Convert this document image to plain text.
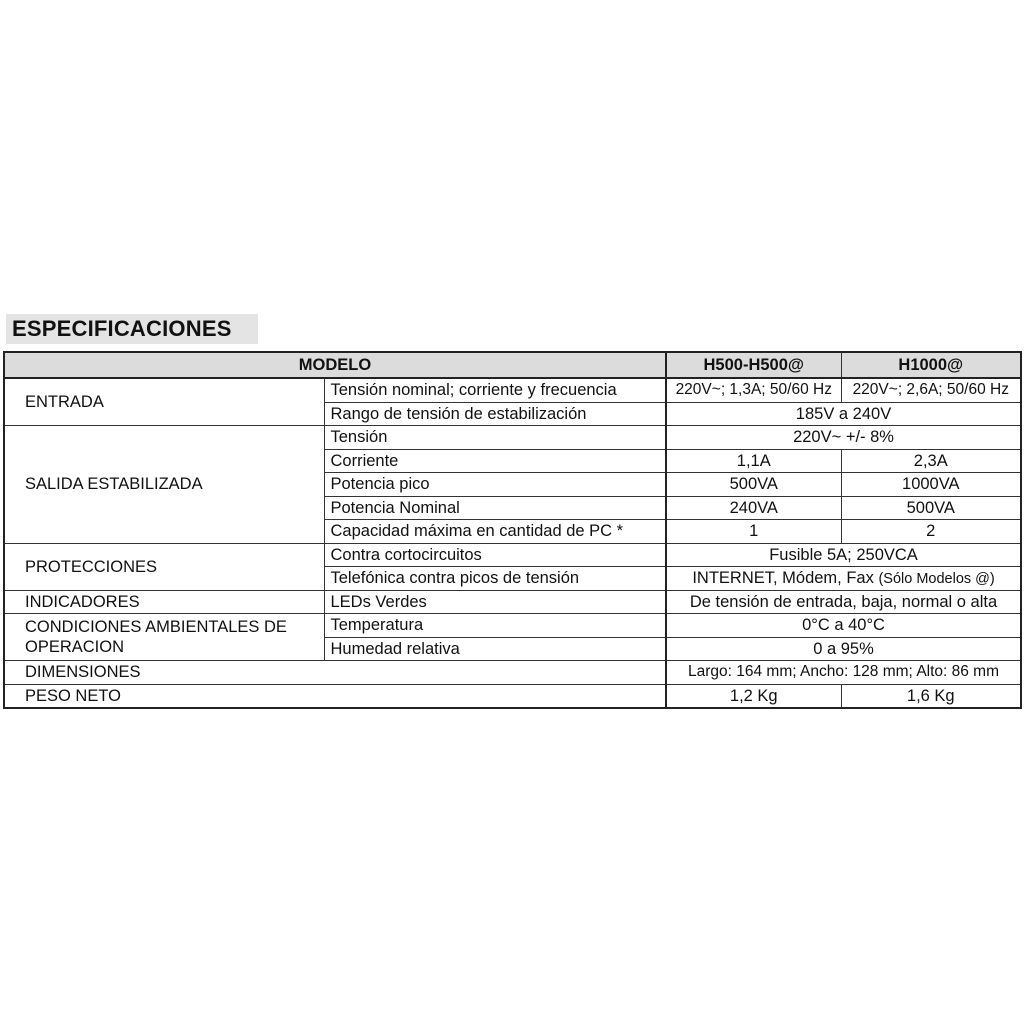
ESPECIFICACIONES
MODELO		H500-H500@	H1000@
ENTRADA	Tensión nominal; corriente y frecuencia	220V~; 1,3A; 50/60 Hz	220V~; 2,6A; 50/60 Hz
	Rango de tensión de estabilización	185V a 240V	
SALIDA ESTABILIZADA	Tensión	220V~ +/- 8%	
	Corriente	1,1A	2,3A
	Potencia pico	500VA	1000VA
	Potencia Nominal	240VA	500VA
	Capacidad máxima en cantidad de PC *	1	2
PROTECCIONES	Contra cortocircuitos	Fusible 5A; 250VCA	
	Telefónica contra picos de tensión	INTERNET, Módem, Fax (Sólo Modelos @)	
INDICADORES	LEDs Verdes	De tensión de entrada, baja, normal o alta	
CONDICIONES AMBIENTALES DE OPERACION	Temperatura	0°C a 40°C	
	Humedad relativa	0 a 95%	
DIMENSIONES		Largo: 164 mm; Ancho: 128 mm; Alto: 86 mm	
PESO NETO		1,2 Kg	1,6 Kg
